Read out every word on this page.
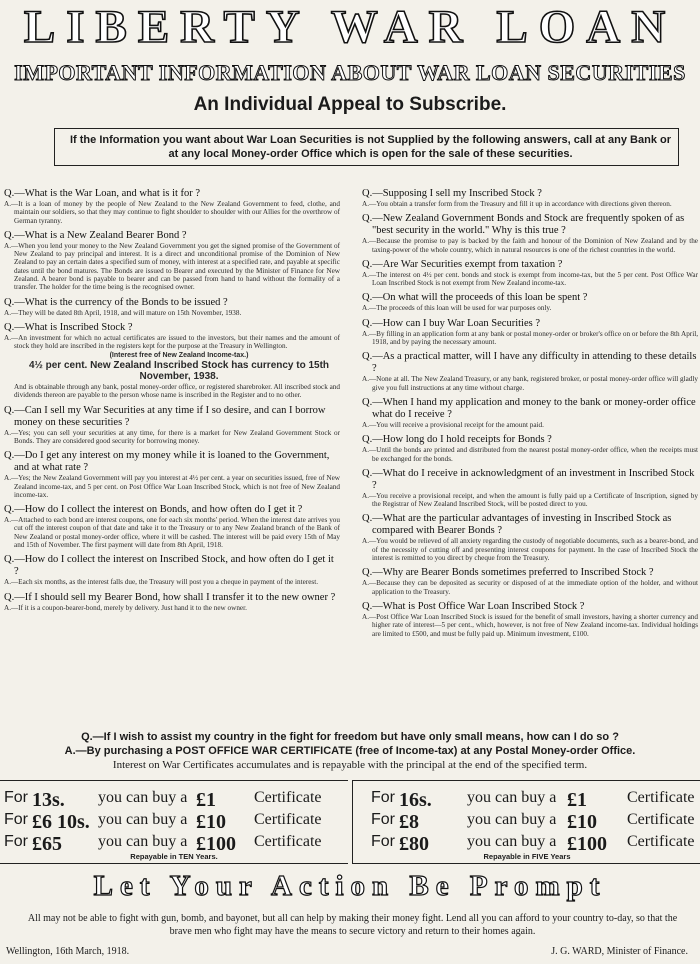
LIBERTY WAR LOAN
IMPORTANT INFORMATION ABOUT WAR LOAN SECURITIES
An Individual Appeal to Subscribe.
If the Information you want about War Loan Securities is not Supplied by the following answers, call at any Bank or at any local Money-order Office which is open for the sale of these securities.
Q.—What is the War Loan, and what is it for ?
A.—It is a loan of money by the people of New Zealand to the New Zealand Government to feed, clothe, and maintain our soldiers, so that they may continue to fight shoulder to shoulder with our Allies for the overthrow of German tyranny.
Q.—What is a New Zealand Bearer Bond ?
A.—When you lend your money to the New Zealand Government you get the signed promise of the Government of New Zealand to pay principal and interest. It is a direct and unconditional promise of the Dominion of New Zealand to pay an certain dates a specified sum of money, with interest at a specified rate, and payable at specific dates until the bond matures. The Bonds are issued to Bearer and executed by the Minister of Finance for New Zealand. A bearer bond is payable to bearer and can be passed from hand to hand without the formality of a transfer. The holder for the time being is the recognised owner.
Q.—What is the currency of the Bonds to be issued ?
A.—They will be dated 8th April, 1918, and will mature on 15th November, 1938.
Q.—What is Inscribed Stock ?
A.—An investment for which no actual certificates are issued to the investors, but their names and the amount of stock they hold are inscribed in the registers kept for the purpose at the Treasury in Wellington.
(Interest free of New Zealand Income-tax.)
4½ per cent. New Zealand Inscribed Stock has currency to 15th November, 1938.
And is obtainable through any bank, postal money-order office, or registered sharebroker. All inscribed stock and dividends thereon are payable to the person whose name is inscribed in the Register and to no other.
Q.—Can I sell my War Securities at any time if I so desire, and can I borrow money on these securities ?
A.—Yes; you can sell your securities at any time, for there is a market for New Zealand Government Stock or Bonds. They are considered good security for borrowing money.
Q.—Do I get any interest on my money while it is loaned to the Government, and at what rate ?
A.—Yes; the New Zealand Government will pay you interest at 4½ per cent. a year on securities issued, free of New Zealand income-tax, and 5 per cent. on Post Office War Loan Inscribed Stock, which is not free of New Zealand income-tax.
Q.—How do I collect the interest on Bonds, and how often do I get it ?
A.—Attached to each bond are interest coupons, one for each six months' period. When the interest date arrives you cut off the interest coupon of that date and take it to the Treasury or to any New Zealand branch of the Bank of New Zealand or postal money-order office, where it will be cashed. The interest will be paid every 15th of May and 15th of November. The first payment will date from 8th April, 1918.
Q.—How do I collect the interest on Inscribed Stock, and how often do I get it ?
A.—Each six months, as the interest falls due, the Treasury will post you a cheque in payment of the interest.
Q.—If I should sell my Bearer Bond, how shall I transfer it to the new owner ?
A.—If it is a coupon-bearer-bond, merely by delivery. Just hand it to the new owner.
Q.—Supposing I sell my Inscribed Stock ?
A.—You obtain a transfer form from the Treasury and fill it up in accordance with directions given thereon.
Q.—New Zealand Government Bonds and Stock are frequently spoken of as "best security in the world." Why is this true ?
A.—Because the promise to pay is backed by the faith and honour of the Dominion of New Zealand and by the taxing-power of the whole country, which in natural resources is one of the richest countries in the world.
Q.—Are War Securities exempt from taxation ?
A.—The interest on 4½ per cent. bonds and stock is exempt from income-tax, but the 5 per cent. Post Office War Loan Inscribed Stock is not exempt from New Zealand income-tax.
Q.—On what will the proceeds of this loan be spent ?
A.—The proceeds of this loan will be used for war purposes only.
Q.—How can I buy War Loan Securities ?
A.—By filling in an application form at any bank or postal money-order or broker's office on or before the 8th April, 1918, and by paying the necessary amount.
Q.—As a practical matter, will I have any difficulty in attending to these details ?
A.—None at all. The New Zealand Treasury, or any bank, registered broker, or postal money-order office will gladly give you full instructions at any time without charge.
Q.—When I hand my application and money to the bank or money-order office what do I receive ?
A.—You will receive a provisional receipt for the amount paid.
Q.—How long do I hold receipts for Bonds ?
A.—Until the bonds are printed and distributed from the nearest postal money-order office, when the receipts must be exchanged for the bonds.
Q.—What do I receive in acknowledgment of an investment in Inscribed Stock ?
A.—You receive a provisional receipt, and when the amount is fully paid up a Certificate of Inscription, signed by the Registrar of New Zealand Inscribed Stock, will be posted direct to you.
Q.—What are the particular advantages of investing in Inscribed Stock as compared with Bearer Bonds ?
A.—You would be relieved of all anxiety regarding the custody of negotiable documents, such as a bearer-bond, and of the necessity of cutting off and presenting interest coupons for payment. In the case of Inscribed Stock the interest is remitted to you direct by cheque from the Treasury.
Q.—Why are Bearer Bonds sometimes preferred to Inscribed Stock ?
A.—Because they can be deposited as security or disposed of at the immediate option of the holder, and without application to the Treasury.
Q.—What is Post Office War Loan Inscribed Stock ?
A.—Post Office War Loan Inscribed Stock is issued for the benefit of small investors, having a shorter currency and higher rate of interest—5 per cent., which, however, is not free of New Zealand income-tax. Individual holdings are limited to £500, and must be fully paid up. Minimum investment, £100.
Q.—If I wish to assist my country in the fight for freedom but have only small means, how can I do so ?
A.—By purchasing a POST OFFICE WAR CERTIFICATE (free of Income-tax) at any Postal Money-order Office.
Interest on War Certificates accumulates and is repayable with the principal at the end of the specified term.
For 13s. you can buy a £1 Certificate
For £6 10s. you can buy a £10 Certificate
For £65 you can buy a £100 Certificate
Repayable in TEN Years.
For 16s. you can buy a £1	Certificate
For £8	you can buy a £10 Certificate
For £80 you can buy a £100 Certificate
Repayable in FIVE Years
Let Your Action Be Prompt
All may not be able to fight with gun, bomb, and bayonet, but all can help by making their money fight. Lend all you can afford to your country to-day, so that the brave men who fight may have the means to secure victory and return to their homes again.
Wellington, 16th March, 1918.	J. G. WARD, Minister of Finance.
